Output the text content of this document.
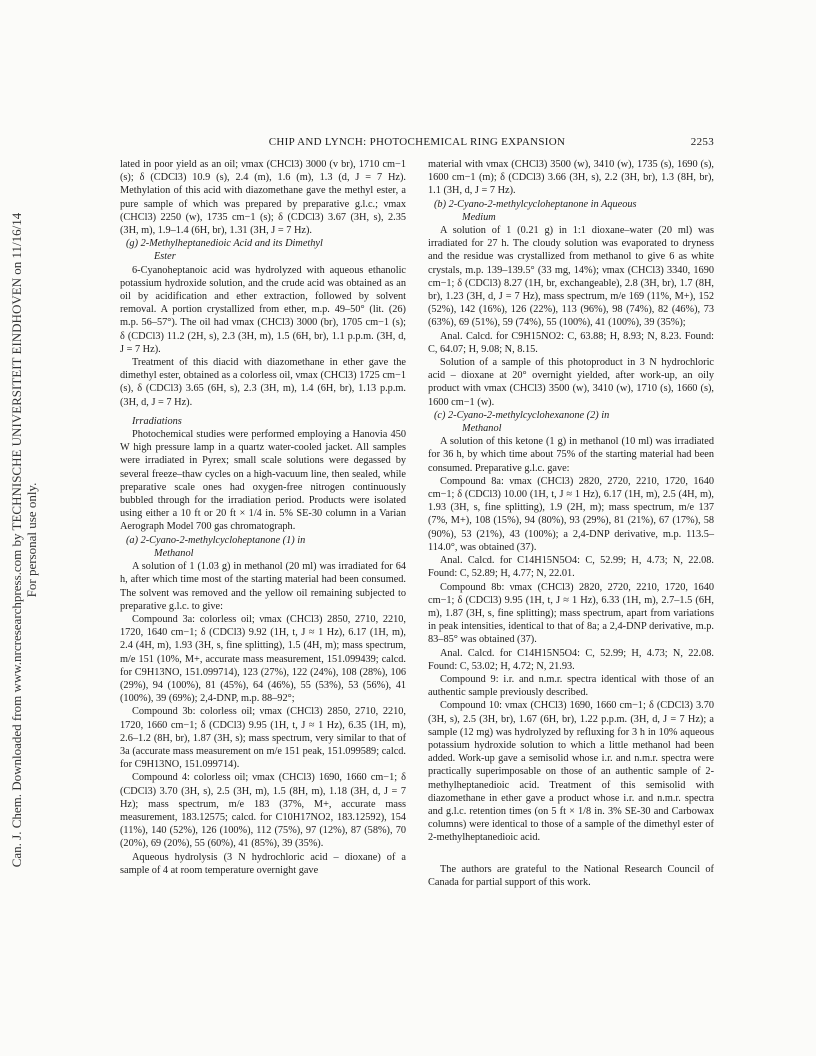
Can. J. Chem. Downloaded from www.nrcresearchpress.com by TECHNISCHE UNIVERSITEIT EINDHOVEN on 11/16/14 For personal use only.
CHIP AND LYNCH: PHOTOCHEMICAL RING EXPANSION	2253

lated in poor yield as an oil; νmax (CHCl3) 3000 (v br), 1710 cm−1 (s); δ (CDCl3) 10.9 (s), 2.4 (m), 1.6 (m), 1.3 (d, J = 7 Hz). Methylation of this acid with diazomethane gave the methyl ester, a pure sample of which was prepared by preparative g.l.c.; νmax (CHCl3) 2250 (w), 1735 cm−1 (s); δ (CDCl3) 3.67 (3H, s), 2.35 (3H, m), 1.9–1.4 (6H, br), 1.31 (3H, J = 7 Hz).

(g) 2-Methylheptanedioic Acid and its Dimethyl

Ester

6-Cyanoheptanoic acid was hydrolyzed with aqueous ethanolic potassium hydroxide solution, and the crude acid was obtained as an oil by acidification and ether extraction, followed by solvent removal. A portion crystallized from ether, m.p. 49–50° (lit. (26) m.p. 56–57°). The oil had νmax (CHCl3) 3000 (br), 1705 cm−1 (s); δ (CDCl3) 11.2 (2H, s), 2.3 (3H, m), 1.5 (6H, br), 1.1 p.p.m. (3H, d, J = 7 Hz).

Treatment of this diacid with diazomethane in ether gave the dimethyl ester, obtained as a colorless oil, νmax (CHCl3) 1725 cm−1 (s), δ (CDCl3) 3.65 (6H, s), 2.3 (3H, m), 1.4 (6H, br), 1.13 p.p.m. (3H, d, J = 7 Hz).

Irradiations

Photochemical studies were performed employing a Hanovia 450 W high pressure lamp in a quartz water-cooled jacket. All samples were irradiated in Pyrex; small scale solutions were degassed by several freeze–thaw cycles on a high-vacuum line, then sealed, while preparative scale ones had oxygen-free nitrogen continuously bubbled through for the irradiation period. Products were isolated using either a 10 ft or 20 ft × 1/4 in. 5% SE-30 column in a Varian Aerograph Model 700 gas chromatograph.

(a) 2-Cyano-2-methylcycloheptanone (1) in

Methanol

A solution of 1 (1.03 g) in methanol (20 ml) was irradiated for 64 h, after which time most of the starting material had been consumed. The solvent was removed and the yellow oil remaining subjected to preparative g.l.c. to give:

Compound 3a: colorless oil; νmax (CHCl3) 2850, 2710, 2210, 1720, 1640 cm−1; δ (CDCl3) 9.92 (1H, t, J ≈ 1 Hz), 6.17 (1H, m), 2.4 (4H, m), 1.93 (3H, s, fine splitting), 1.5 (4H, m); mass spectrum, m/e 151 (10%, M+, accurate mass measurement, 151.099439; calcd. for C9H13NO, 151.099714), 123 (27%), 122 (24%), 108 (28%), 106 (29%), 94 (100%), 81 (45%), 64 (46%), 55 (53%), 53 (56%), 41 (100%), 39 (69%); 2,4-DNP, m.p. 88–92°;

Compound 3b: colorless oil; νmax (CHCl3) 2850, 2710, 2210, 1720, 1660 cm−1; δ (CDCl3) 9.95 (1H, t, J ≈ 1 Hz), 6.35 (1H, m), 2.6–1.2 (8H, br), 1.87 (3H, s); mass spectrum, very similar to that of 3a (accurate mass measurement on m/e 151 peak, 151.099589; calcd. for C9H13NO, 151.099714).

Compound 4: colorless oil; νmax (CHCl3) 1690, 1660 cm−1; δ (CDCl3) 3.70 (3H, s), 2.5 (3H, m), 1.5 (8H, m), 1.18 (3H, d, J = 7 Hz); mass spectrum, m/e 183 (37%, M+, accurate mass measurement, 183.12575; calcd. for C10H17NO2, 183.12592), 154 (11%), 140 (52%), 126 (100%), 112 (75%), 97 (12%), 87 (58%), 70 (20%), 69 (20%), 55 (60%), 41 (85%), 39 (35%).

Aqueous hydrolysis (3 N hydrochloric acid – dioxane) of a sample of 4 at room temperature overnight gave

material with νmax (CHCl3) 3500 (w), 3410 (w), 1735 (s), 1690 (s), 1600 cm−1 (m); δ (CDCl3) 3.66 (3H, s), 2.2 (3H, br), 1.3 (8H, br), 1.1 (3H, d, J = 7 Hz).

(b) 2-Cyano-2-methylcycloheptanone in Aqueous

Medium

A solution of 1 (0.21 g) in 1:1 dioxane–water (20 ml) was irradiated for 27 h. The cloudy solution was evaporated to dryness and the residue was crystallized from methanol to give 6 as white crystals, m.p. 139–139.5° (33 mg, 14%); νmax (CHCl3) 3340, 1690 cm−1; δ (CDCl3) 8.27 (1H, br, exchangeable), 2.8 (3H, br), 1.7 (8H, br), 1.23 (3H, d, J = 7 Hz), mass spectrum, m/e 169 (11%, M+), 152 (52%), 142 (16%), 126 (22%), 113 (96%), 98 (74%), 82 (46%), 73 (63%), 69 (51%), 59 (74%), 55 (100%), 41 (100%), 39 (35%);

Anal. Calcd. for C9H15NO2: C, 63.88; H, 8.93; N, 8.23. Found: C, 64.07; H, 9.08; N, 8.15.

Solution of a sample of this photoproduct in 3 N hydrochloric acid – dioxane at 20° overnight yielded, after work-up, an oily product with νmax (CHCl3) 3500 (w), 3410 (w), 1710 (s), 1660 (s), 1600 cm−1 (w).

(c) 2-Cyano-2-methylcyclohexanone (2) in

Methanol

A solution of this ketone (1 g) in methanol (10 ml) was irradiated for 36 h, by which time about 75% of the starting material had been consumed. Preparative g.l.c. gave:

Compound 8a: νmax (CHCl3) 2820, 2720, 2210, 1720, 1640 cm−1; δ (CDCl3) 10.00 (1H, t, J ≈ 1 Hz), 6.17 (1H, m), 2.5 (4H, m), 1.93 (3H, s, fine splitting), 1.9 (2H, m); mass spectrum, m/e 137 (7%, M+), 108 (15%), 94 (80%), 93 (29%), 81 (21%), 67 (17%), 58 (90%), 53 (21%), 43 (100%); a 2,4-DNP derivative, m.p. 113.5–114.0°, was obtained (37).

Anal. Calcd. for C14H15N5O4: C, 52.99; H, 4.73; N, 22.08. Found: C, 52.89; H, 4.77; N, 22.01.

Compound 8b: νmax (CHCl3) 2820, 2720, 2210, 1720, 1640 cm−1; δ (CDCl3) 9.95 (1H, t, J ≈ 1 Hz), 6.33 (1H, m), 2.7–1.5 (6H, m), 1.87 (3H, s, fine splitting); mass spectrum, apart from variations in peak intensities, identical to that of 8a; a 2,4-DNP derivative, m.p. 83–85° was obtained (37).

Anal. Calcd. for C14H15N5O4: C, 52.99; H, 4.73; N, 22.08. Found: C, 53.02; H, 4.72; N, 21.93.

Compound 9: i.r. and n.m.r. spectra identical with those of an authentic sample previously described.

Compound 10: νmax (CHCl3) 1690, 1660 cm−1; δ (CDCl3) 3.70 (3H, s), 2.5 (3H, br), 1.67 (6H, br), 1.22 p.p.m. (3H, d, J = 7 Hz); a sample (12 mg) was hydrolyzed by refluxing for 3 h in 10% aqueous potassium hydroxide solution to which a little methanol had been added. Work-up gave a semisolid whose i.r. and n.m.r. spectra were practically superimposable on those of an authentic sample of 2-methylheptanedioic acid. Treatment of this semisolid with diazomethane in ether gave a product whose i.r. and n.m.r. spectra and g.l.c. retention times (on 5 ft × 1/8 in. 3% SE-30 and Carbowax columns) were identical to those of a sample of the dimethyl ester of 2-methylheptanedioic acid.

The authors are grateful to the National Research Council of Canada for partial support of this work.
